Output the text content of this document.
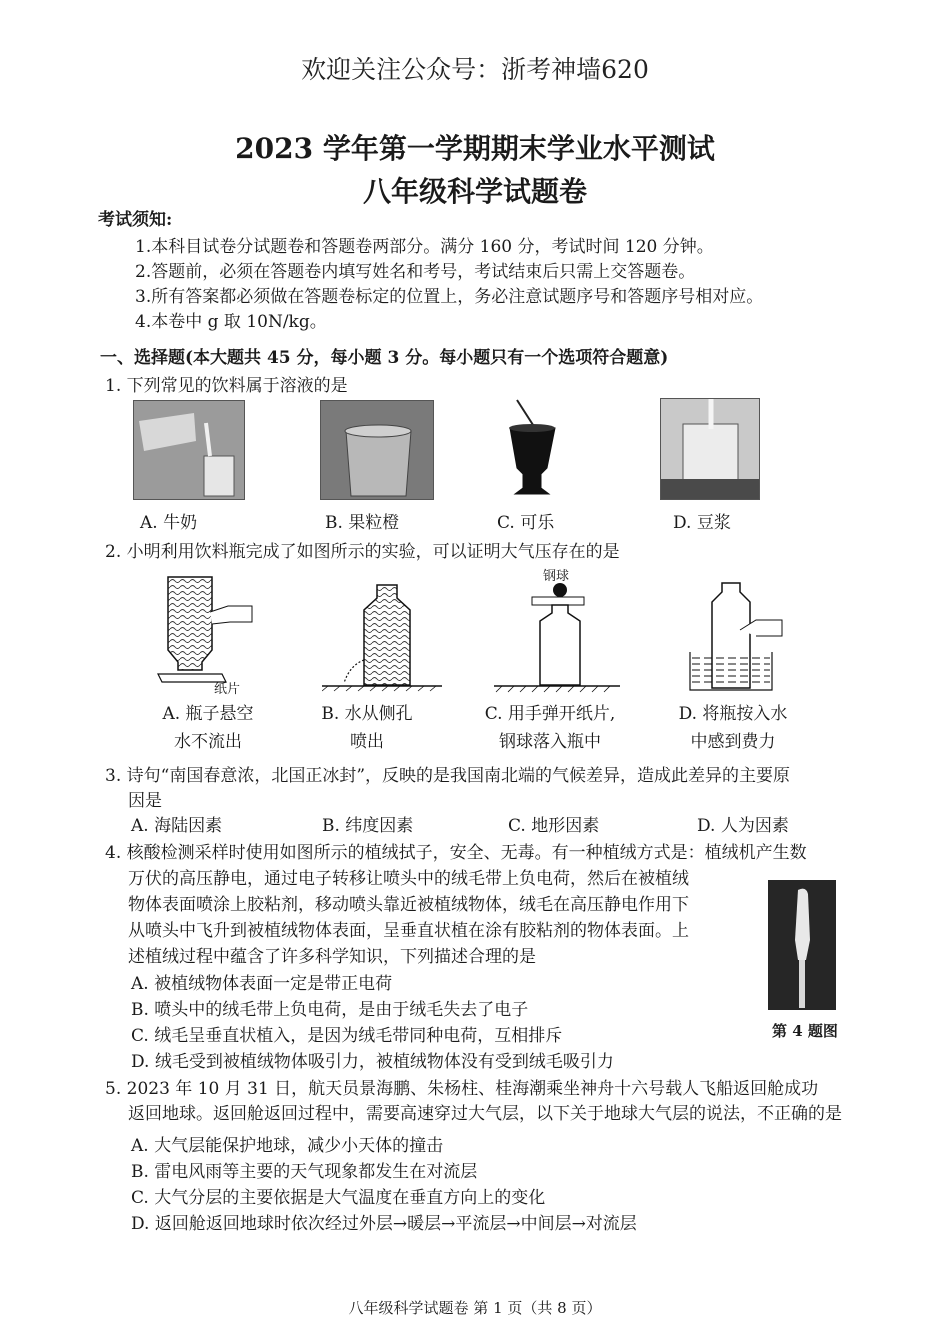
欢迎关注公众号：浙考神墙620
2023 学年第一学期期末学业水平测试
八年级科学试题卷
考试须知:
1.本科目试卷分试题卷和答题卷两部分。满分 160 分，考试时间 120 分钟。
2.答题前，必须在答题卷内填写姓名和考号，考试结束后只需上交答题卷。
3.所有答案都必须做在答题卷标定的位置上，务必注意试题序号和答题序号相对应。
4.本卷中 g 取 10N/kg。
一、选择题(本大题共 45 分，每小题 3 分。每小题只有一个选项符合题意)
1. 下列常见的饮料属于溶液的是
A. 牛奶	B. 果粒橙	C. 可乐	D. 豆浆
2. 小明利用饮料瓶完成了如图所示的实验，可以证明大气压存在的是
纸片
钢球
A. 瓶子悬空
水不流出
B. 水从侧孔
喷出
C. 用手弹开纸片,
钢球落入瓶中
D. 将瓶按入水
中感到费力
3. 诗句“南国春意浓，北国正冰封”，反映的是我国南北端的气候差异，造成此差异的主要原
因是
A. 海陆因素	B. 纬度因素	C. 地形因素	D. 人为因素
4. 核酸检测采样时使用如图所示的植绒拭子，安全、无毒。有一种植绒方式是：植绒机产生数
万伏的高压静电，通过电子转移让喷头中的绒毛带上负电荷，然后在被植绒
物体表面喷涂上胶粘剂，移动喷头靠近被植绒物体，绒毛在高压静电作用下
从喷头中飞升到被植绒物体表面，呈垂直状植在涂有胶粘剂的物体表面。上
述植绒过程中蕴含了许多科学知识，下列描述合理的是
A. 被植绒物体表面一定是带正电荷
B. 喷头中的绒毛带上负电荷，是由于绒毛失去了电子
C. 绒毛呈垂直状植入，是因为绒毛带同种电荷，互相排斥
D. 绒毛受到被植绒物体吸引力，被植绒物体没有受到绒毛吸引力
第 4 题图
5. 2023 年 10 月 31 日，航天员景海鹏、朱杨柱、桂海潮乘坐神舟十六号载人飞船返回舱成功
返回地球。返回舱返回过程中，需要高速穿过大气层，以下关于地球大气层的说法，不正确的是
A. 大气层能保护地球，减少小天体的撞击
B. 雷电风雨等主要的天气现象都发生在对流层
C. 大气分层的主要依据是大气温度在垂直方向上的变化
D. 返回舱返回地球时依次经过外层→暖层→平流层→中间层→对流层
八年级科学试题卷 第 1 页（共 8 页）
